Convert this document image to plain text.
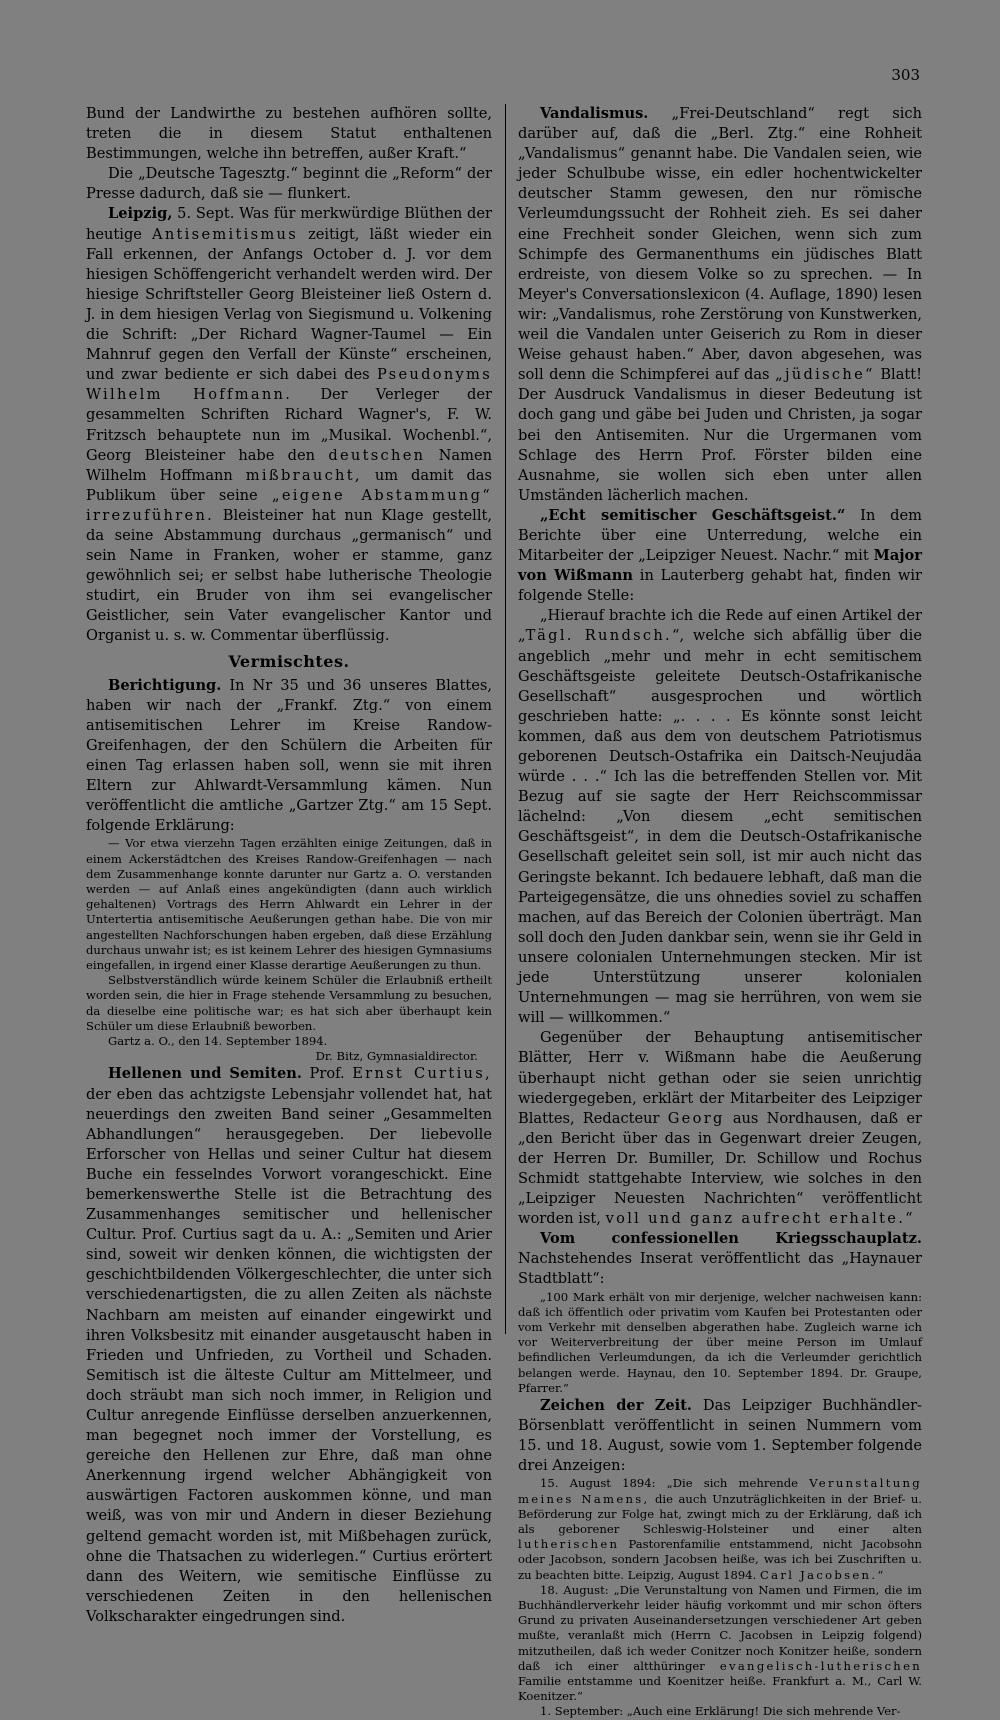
303

Bund der Landwirthe zu bestehen aufhören sollte, treten die in diesem Statut enthaltenen Bestimmungen, welche ihn betreffen, außer Kraft.“

Die „Deutsche Tagesztg.“ beginnt die „Reform“ der Presse dadurch, daß sie — flunkert.

Leipzig, 5. Sept. Was für merkwürdige Blüthen der heutige Antisemitismus zeitigt, läßt wieder ein Fall erkennen, der Anfangs October d. J. vor dem hiesigen Schöffengericht verhandelt werden wird. Der hiesige Schriftsteller Georg Bleisteiner ließ Ostern d. J. in dem hiesigen Verlag von Siegismund u. Volkening die Schrift: „Der Richard Wagner-Taumel — Ein Mahnruf gegen den Verfall der Künste“ erscheinen, und zwar bediente er sich dabei des Pseudonyms Wilhelm Hoffmann. Der Verleger der gesammelten Schriften Richard Wagner's, F. W. Fritzsch behauptete nun im „Musikal. Wochenbl.“, Georg Bleisteiner habe den deutschen Namen Wilhelm Hoffmann mißbraucht, um damit das Publikum über seine „eigene Abstammung“ irrezuführen. Bleisteiner hat nun Klage gestellt, da seine Abstammung durchaus „germanisch“ und sein Name in Franken, woher er stamme, ganz gewöhnlich sei; er selbst habe lutherische Theologie studirt, ein Bruder von ihm sei evangelischer Geistlicher, sein Vater evangelischer Kantor und Organist u. s. w. Commentar überflüssig.

Vermischtes.

Berichtigung. In Nr 35 und 36 unseres Blattes, haben wir nach der „Frankf. Ztg.“ von einem antisemitischen Lehrer im Kreise Randow-Greifenhagen, der den Schülern die Arbeiten für einen Tag erlassen haben soll, wenn sie mit ihren Eltern zur Ahlwardt-Versammlung kämen. Nun veröffentlicht die amtliche „Gartzer Ztg.“ am 15 Sept. folgende Erklärung:

— Vor etwa vierzehn Tagen erzählten einige Zeitungen, daß in einem Ackerstädtchen des Kreises Randow-Greifenhagen — nach dem Zusammenhange konnte darunter nur Gartz a. O. verstanden werden — auf Anlaß eines angekündigten (dann auch wirklich gehaltenen) Vortrags des Herrn Ahlwardt ein Lehrer in der Untertertia antisemitische Aeußerungen gethan habe. Die von mir angestellten Nachforschungen haben ergeben, daß diese Erzählung durchaus unwahr ist; es ist keinem Lehrer des hiesigen Gymnasiums eingefallen, in irgend einer Klasse derartige Aeußerungen zu thun.

Selbstverständlich würde keinem Schüler die Erlaubniß ertheilt worden sein, die hier in Frage stehende Versammlung zu besuchen, da dieselbe eine politische war; es hat sich aber überhaupt kein Schüler um diese Erlaubniß beworben.

Gartz a. O., den 14. September 1894.

Dr. Bitz, Gymnasialdirector.

Hellenen und Semiten. Prof. Ernst Curtius, der eben das achtzigste Lebensjahr vollendet hat, hat neuerdings den zweiten Band seiner „Gesammelten Abhandlungen“ herausgegeben. Der liebevolle Erforscher von Hellas und seiner Cultur hat diesem Buche ein fesselndes Vorwort vorangeschickt. Eine bemerkenswerthe Stelle ist die Betrachtung des Zusammenhanges semitischer und hellenischer Cultur. Prof. Curtius sagt da u. A.: „Semiten und Arier sind, soweit wir denken können, die wichtigsten der geschichtbildenden Völkergeschlechter, die unter sich verschiedenartigsten, die zu allen Zeiten als nächste Nachbarn am meisten auf einander eingewirkt und ihren Volksbesitz mit einander ausgetauscht haben in Frieden und Unfrieden, zu Vortheil und Schaden. Semitisch ist die älteste Cultur am Mittelmeer, und doch sträubt man sich noch immer, in Religion und Cultur anregende Einflüsse derselben anzuerkennen, man begegnet noch immer der Vorstellung, es gereiche den Hellenen zur Ehre, daß man ohne Anerkennung irgend welcher Abhängigkeit von auswärtigen Factoren auskommen könne, und man weiß, was von mir und Andern in dieser Beziehung geltend gemacht worden ist, mit Mißbehagen zurück, ohne die Thatsachen zu widerlegen.“ Curtius erörtert dann des Weitern, wie semitische Einflüsse zu verschiedenen Zeiten in den hellenischen Volkscharakter eingedrungen sind.

Vandalismus. „Frei-Deutschland“ regt sich darüber auf, daß die „Berl. Ztg.“ eine Rohheit „Vandalismus“ genannt habe. Die Vandalen seien, wie jeder Schulbube wisse, ein edler hochentwickelter deutscher Stamm gewesen, den nur römische Verleumdungssucht der Rohheit zieh. Es sei daher eine Frechheit sonder Gleichen, wenn sich zum Schimpfe des Germanenthums ein jüdisches Blatt erdreiste, von diesem Volke so zu sprechen. — In Meyer's Conversationslexicon (4. Auflage, 1890) lesen wir: „Vandalismus, rohe Zerstörung von Kunstwerken, weil die Vandalen unter Geiserich zu Rom in dieser Weise gehaust haben.“ Aber, davon abgesehen, was soll denn die Schimpferei auf das „jüdische“ Blatt! Der Ausdruck Vandalismus in dieser Bedeutung ist doch gang und gäbe bei Juden und Christen, ja sogar bei den Antisemiten. Nur die Urgermanen vom Schlage des Herrn Prof. Förster bilden eine Ausnahme, sie wollen sich eben unter allen Umständen lächerlich machen.

„Echt semitischer Geschäftsgeist.“ In dem Berichte über eine Unterredung, welche ein Mitarbeiter der „Leipziger Neuest. Nachr.“ mit Major von Wißmann in Lauterberg gehabt hat, finden wir folgende Stelle:

„Hierauf brachte ich die Rede auf einen Artikel der „Tägl. Rundsch.“, welche sich abfällig über die angeblich „mehr und mehr in echt semitischem Geschäftsgeiste geleitete Deutsch-Ostafrikanische Gesellschaft“ ausgesprochen und wörtlich geschrieben hatte: „. . . . Es könnte sonst leicht kommen, daß aus dem von deutschem Patriotismus geborenen Deutsch-Ostafrika ein Daitsch-Neujudäa würde . . .“ Ich las die betreffenden Stellen vor. Mit Bezug auf sie sagte der Herr Reichscommissar lächelnd: „Von diesem „echt semitischen Geschäftsgeist“, in dem die Deutsch-Ostafrikanische Gesellschaft geleitet sein soll, ist mir auch nicht das Geringste bekannt. Ich bedauere lebhaft, daß man die Parteigegensätze, die uns ohnedies soviel zu schaffen machen, auf das Bereich der Colonien überträgt. Man soll doch den Juden dankbar sein, wenn sie ihr Geld in unsere colonialen Unternehmungen stecken. Mir ist jede Unterstützung unserer kolonialen Unternehmungen — mag sie herrühren, von wem sie will — willkommen.“

Gegenüber der Behauptung antisemitischer Blätter, Herr v. Wißmann habe die Aeußerung überhaupt nicht gethan oder sie seien unrichtig wiedergegeben, erklärt der Mitarbeiter des Leipziger Blattes, Redacteur Georg aus Nordhausen, daß er „den Bericht über das in Gegenwart dreier Zeugen, der Herren Dr. Bumiller, Dr. Schillow und Rochus Schmidt stattgehabte Interview, wie solches in den „Leipziger Neuesten Nachrichten“ veröffentlicht worden ist, voll und ganz aufrecht erhalte.“

Vom confessionellen Kriegsschauplatz. Nachstehendes Inserat veröffentlicht das „Haynauer Stadtblatt“:

„100 Mark erhält von mir derjenige, welcher nachweisen kann: daß ich öffentlich oder privatim vom Kaufen bei Protestanten oder vom Verkehr mit denselben abgerathen habe. Zugleich warne ich vor Weiterverbreitung der über meine Person im Umlauf befindlichen Verleumdungen, da ich die Verleumder gerichtlich belangen werde. Haynau, den 10. September 1894. Dr. Graupe, Pfarrer.“

Zeichen der Zeit. Das Leipziger Buchhändler-Börsenblatt veröffentlicht in seinen Nummern vom 15. und 18. August, sowie vom 1. September folgende drei Anzeigen:

15. August 1894: „Die sich mehrende Verunstaltung meines Namens, die auch Unzuträglichkeiten in der Brief- u. Beförderung zur Folge hat, zwingt mich zu der Erklärung, daß ich als geborener Schleswig-Holsteiner und einer alten lutherischen Pastorenfamilie entstammend, nicht Jacobsohn oder Jacobson, sondern Jacobsen heiße, was ich bei Zuschriften u. zu beachten bitte. Leipzig, August 1894. Carl Jacobsen.“

18. August: „Die Verunstaltung von Namen und Firmen, die im Buchhändlerverkehr leider häufig vorkommt und mir schon öfters Grund zu privaten Auseinandersetzungen verschiedener Art geben mußte, veranlaßt mich (Herrn C. Jacobsen in Leipzig folgend) mitzutheilen, daß ich weder Conitzer noch Konitzer heiße, sondern daß ich einer altthüringer evangelisch-lutherischen Familie entstamme und Koenitzer heiße. Frankfurt a. M., Carl W. Koenitzer.“

1. September: „Auch eine Erklärung! Die sich mehrende Ver-
